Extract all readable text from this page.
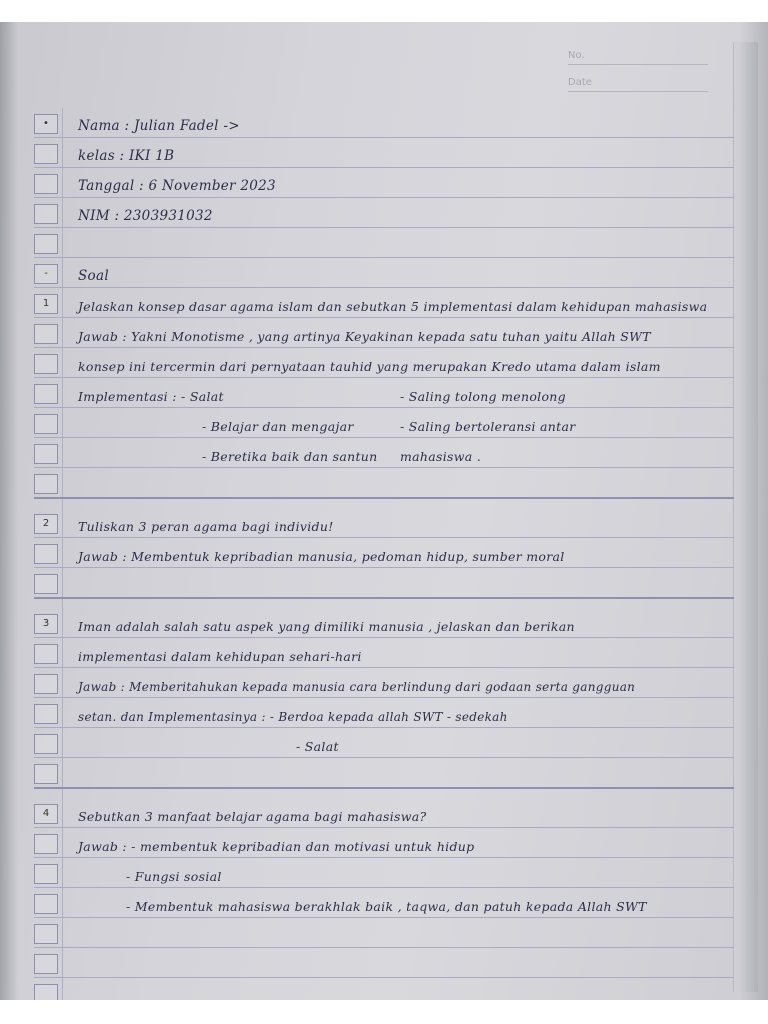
No.
Date
•	Nama : Julian Fadel ->
kelas : IKI 1B
Tanggal : 6 November 2023
NIM : 2303931032
-	Soal
1	Jelaskan konsep dasar agama islam dan sebutkan 5 implementasi dalam kehidupan mahasiswa
Jawab : Yakni Monotisme , yang artinya Keyakinan kepada satu tuhan yaitu Allah SWT
konsep ini tercermin dari pernyataan tauhid yang merupakan Kredo utama dalam islam
Implementasi : - Salat	- Saling tolong menolong
- Belajar dan mengajar	- Saling bertoleransi antar
- Beretika baik dan santun mahasiswa .
2	Tuliskan 3 peran agama bagi individu!
Jawab : Membentuk kepribadian manusia, pedoman hidup, sumber moral
3	Iman adalah salah satu aspek yang dimiliki manusia , jelaskan dan berikan
implementasi dalam kehidupan sehari-hari
Jawab : Memberitahukan kepada manusia cara berlindung dari godaan serta gangguan
setan. dan Implementasinya : - Berdoa kepada allah SWT - sedekah
- Salat
4	Sebutkan 3 manfaat belajar agama bagi mahasiswa?
Jawab : - membentuk kepribadian dan motivasi untuk hidup
- Fungsi sosial
- Membentuk mahasiswa berakhlak baik , taqwa, dan patuh kepada Allah SWT
